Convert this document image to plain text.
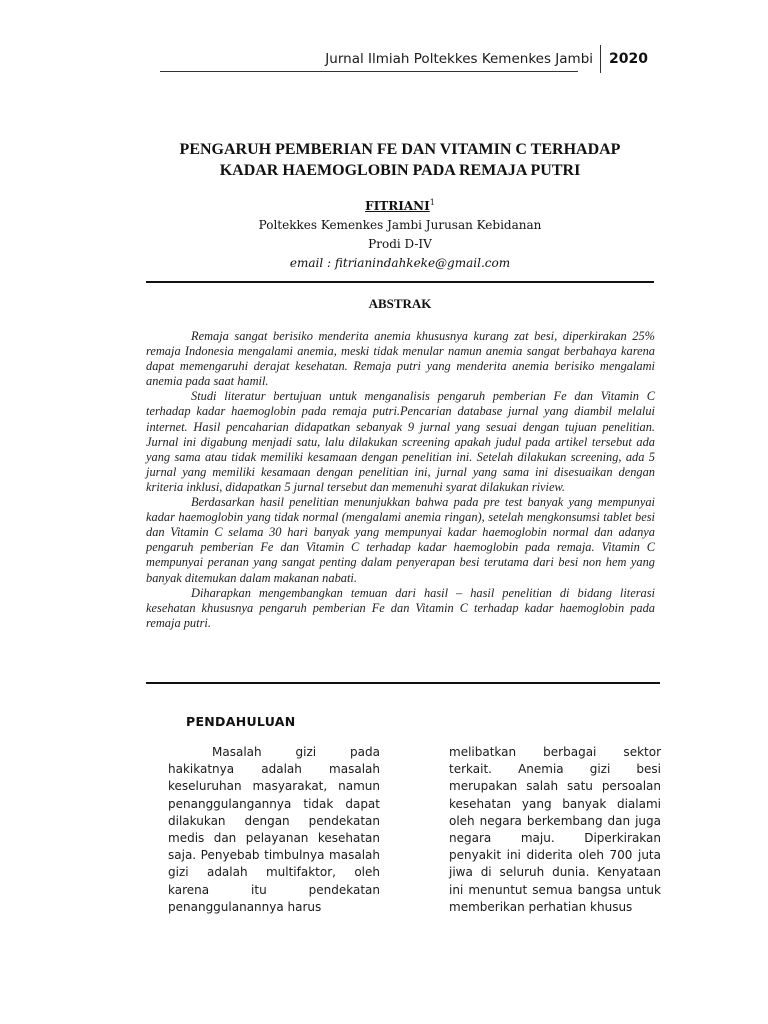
Jurnal Ilmiah Poltekkes Kemenkes Jambi	2020
PENGARUH PEMBERIAN FE DAN VITAMIN C TERHADAP
KADAR HAEMOGLOBIN PADA REMAJA PUTRI
FITRIANI$^1$
Poltekkes Kemenkes Jambi Jurusan Kebidanan
Prodi D-IV
email : fitrianindahkeke@gmail.com
ABSTRAK

Remaja sangat berisiko menderita anemia khususnya kurang zat besi, diperkirakan 25% remaja Indonesia mengalami anemia, meski tidak menular namun anemia sangat berbahaya karena dapat memengaruhi derajat kesehatan. Remaja putri yang menderita anemia berisiko mengalami anemia pada saat hamil.

Studi literatur bertujuan untuk menganalisis pengaruh pemberian Fe dan Vitamin C terhadap kadar haemoglobin pada remaja putri.Pencarian database jurnal yang diambil melalui internet. Hasil pencaharian didapatkan sebanyak 9 jurnal yang sesuai dengan tujuan penelitian. Jurnal ini digabung menjadi satu, lalu dilakukan screening apakah judul pada artikel tersebut ada yang sama atau tidak memiliki kesamaan dengan penelitian ini. Setelah dilakukan screening, ada 5 jurnal yang memiliki kesamaan dengan penelitian ini, jurnal yang sama ini disesuaikan dengan kriteria inklusi, didapatkan 5 jurnal tersebut dan memenuhi syarat dilakukan riview.

Berdasarkan hasil penelitian menunjukkan bahwa pada pre test banyak yang mempunyai kadar haemoglobin yang tidak normal (mengalami anemia ringan), setelah mengkonsumsi tablet besi dan Vitamin C selama 30 hari banyak yang mempunyai kadar haemoglobin normal dan adanya pengaruh pemberian Fe dan Vitamin C terhadap kadar haemoglobin pada remaja. Vitamin C mempunyai peranan yang sangat penting dalam penyerapan besi terutama dari besi non hem yang banyak ditemukan dalam makanan nabati.

Diharapkan mengembangkan temuan dari hasil – hasil penelitian di bidang literasi kesehatan khususnya pengaruh pemberian Fe dan Vitamin C terhadap kadar haemoglobin pada remaja putri.

PENDAHULUAN

Masalah gizi pada hakikatnya adalah masalah keseluruhan masyarakat, namun penanggulangannya tidak dapat dilakukan dengan pendekatan medis dan pelayanan kesehatan saja. Penyebab timbulnya masalah gizi adalah multifaktor, oleh karena itu pendekatan penanggulanannya harus

melibatkan berbagai sektor terkait. Anemia gizi besi merupakan salah satu persoalan kesehatan yang banyak dialami oleh negara berkembang dan juga negara maju. Diperkirakan penyakit ini diderita oleh 700 juta jiwa di seluruh dunia. Kenyataan ini menuntut semua bangsa untuk memberikan perhatian khusus
